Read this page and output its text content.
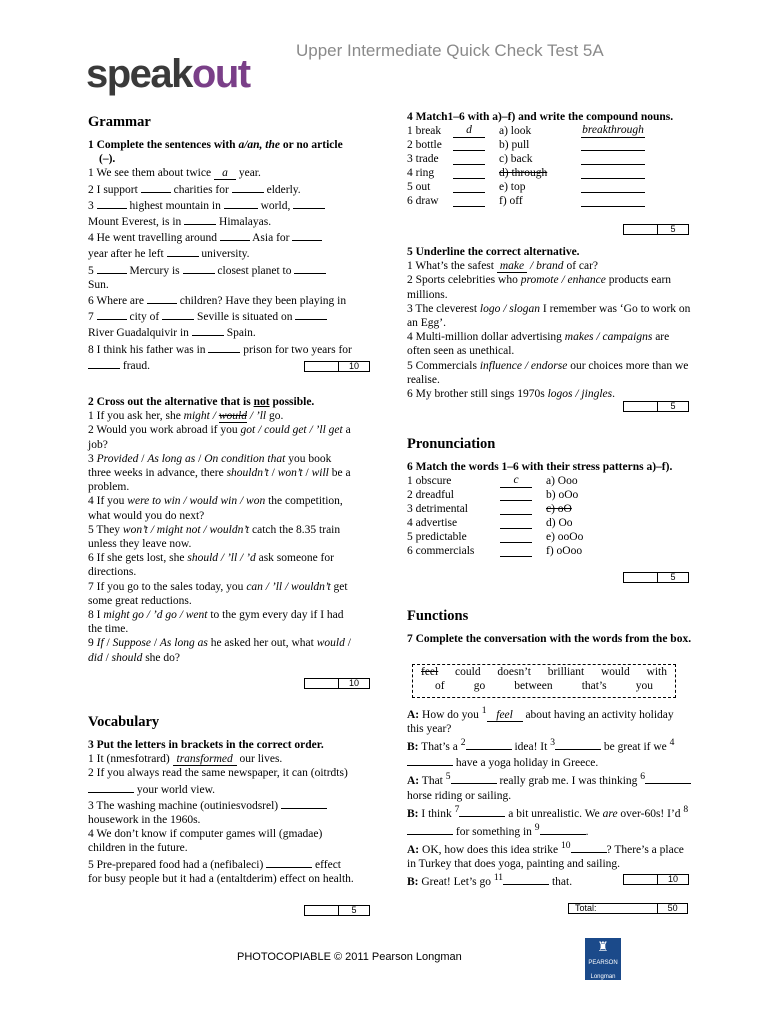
speakout
Upper Intermediate Quick Check Test 5A
Grammar

1 Complete the sentences with a/an, the or no article (–).

1 We see them about twice a year.

2 I support	charities for	elderly.

3	highest mountain in	world,
Mount Everest, is in	Himalayas.

4 He went travelling around	Asia for
year after he left	university.

5	Mercury is	closest planet to
Sun.

6 Where are	children? Have they been playing in

7	city of	Seville is situated on
River Guadalquivir in	Spain.

8 I think his father was in	prison for two years for  fraud.	10

2 Cross out the alternative that is not possible.

1 If you ask her, she might / would / ’ll go.

2 Would you work abroad if you got / could get / ’ll get a job?

3 Provided / As long as / On condition that you book three weeks in advance, there shouldn’t / won’t / will be a problem.

4 If you were to win / would win / won the competition, what would you do next?

5 They won’t / might not / wouldn’t catch the 8.35 train unless they leave now.

6 If she gets lost, she should / ’ll / ’d ask someone for directions.

7 If you go to the sales today, you can / ’ll / wouldn’t get some great reductions.

8 I might go / ’d go / went to the gym every day if I had the time.

9 If / Suppose / As long as he asked her out, what would / did / should she do?

10
Vocabulary

3 Put the letters in brackets in the correct order.

1 It (nmesfotrard) transformed our lives.

2 If you always read the same newspaper, it can (oitrdts)  your world view.

3 The washing machine (outiniesvodsrel)
housework in the 1960s.

4 We don’t know if computer games will (gmadae) children in the future.

5 Pre-prepared food had a (nefibaleci)	effect for busy people but it had a (entaltderim) effect on health.

5

4 Match1–6 with a)–f) and write the compound nouns.

1 break	d	a) look	breakthrough
2 bottle	b) pull
3 trade	c) back
4 ring	d) through
5 out	e) top
6 draw	f) off
5

5 Underline the correct alternative.

1 What’s the safest make / brand of car?

2 Sports celebrities who promote / enhance products earn millions.

3 The cleverest logo / slogan I remember was ‘Go to work on an Egg’.

4 Multi-million dollar advertising makes / campaigns are often seen as unethical.

5 Commercials influence / endorse our choices more than we realise.

6 My brother still sings 1970s logos / jingles.

5
Pronunciation

6 Match the words 1–6 with their stress patterns a)–f).

1 obscure	c	a) Ooo
2 dreadful	b) oOo
3 detrimental	c) oO
4 advertise	d) Oo
5 predictable	e) ooOo
6 commercials	f) oOoo
5
Functions

7 Complete the conversation with the words from the box.

feel could doesn’t brilliant would with
of	go	between	that’s	you

A: How do you $^1$ feel about having an activity holiday this year?

B: That’s a $^2$	idea! It $^3$	be great if we $^4$ have a yoga holiday in Greece.

A: That $^5$	really grab me. I was thinking $^6$ horse riding or sailing.

B: I think $^7$	a bit unrealistic. We are over-60s! I’d $^8$ for something in $^9$	.

A: OK, how does this idea strike $^{10}$	? There’s a place in Turkey that does yoga, painting and sailing.

B: Great! Let’s go $^{11}$	that.	10
Total:	50
PHOTOCOPIABLE © 2011 Pearson Longman
♜
PEARSON
Longman
